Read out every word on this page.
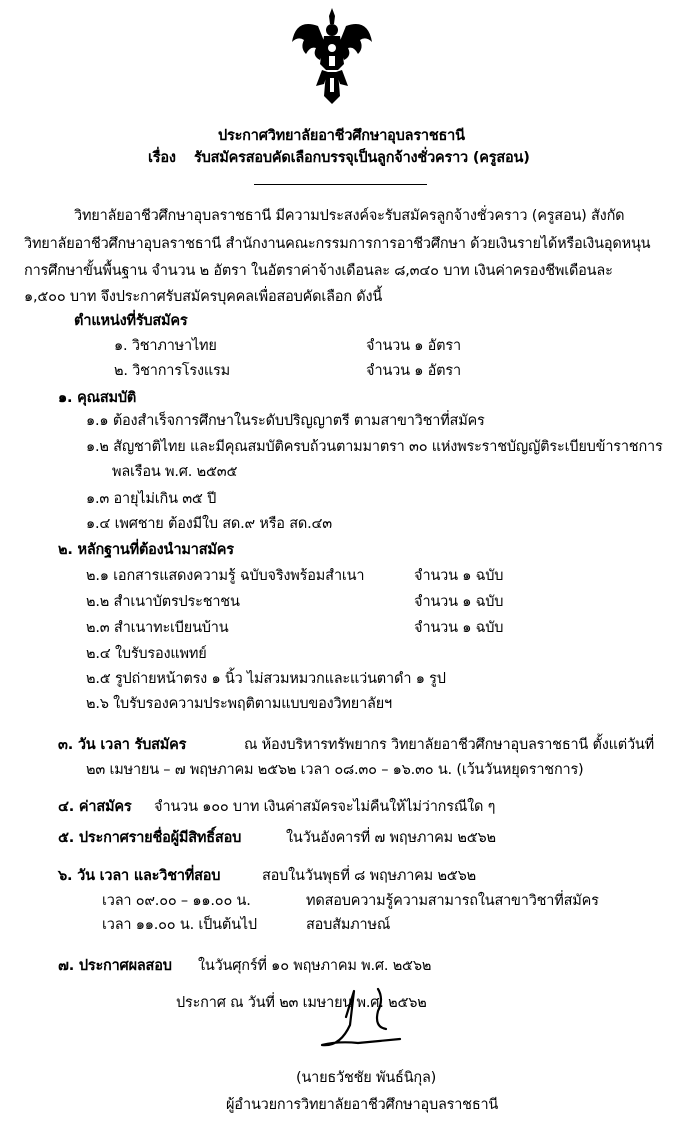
ประกาศวิทยาลัยอาชีวศึกษาอุบลราชธานี
เรื่อง รับสมัครสอบคัดเลือกบรรจุเป็นลูกจ้างชั่วคราว (ครูสอน)
วิทยาลัยอาชีวศึกษาอุบลราชธานี มีความประสงค์จะรับสมัครลูกจ้างชั่วคราว (ครูสอน) สังกัด
วิทยาลัยอาชีวศึกษาอุบลราชธานี สำนักงานคณะกรรมการการอาชีวศึกษา ด้วยเงินรายได้หรือเงินอุดหนุน
การศึกษาขั้นพื้นฐาน จำนวน ๒ อัตรา ในอัตราค่าจ้างเดือนละ ๘,๓๔๐ บาท เงินค่าครองชีพเดือนละ
๑,๕๐๐ บาท จึงประกาศรับสมัครบุคคลเพื่อสอบคัดเลือก ดังนี้
ตำแหน่งที่รับสมัคร
๑. วิชาภาษาไทย	จำนวน ๑ อัตรา
๒. วิชาการโรงแรม	จำนวน ๑ อัตรา
๑. คุณสมบัติ
๑.๑ ต้องสำเร็จการศึกษาในระดับปริญญาตรี ตามสาขาวิชาที่สมัคร
๑.๒ สัญชาติไทย และมีคุณสมบัติครบถ้วนตามมาตรา ๓๐ แห่งพระราชบัญญัติระเบียบข้าราชการ
พลเรือน พ.ศ. ๒๕๓๕
๑.๓ อายุไม่เกิน ๓๕ ปี
๑.๔ เพศชาย ต้องมีใบ สด.๙ หรือ สด.๔๓
๒. หลักฐานที่ต้องนำมาสมัคร
๒.๑ เอกสารแสดงความรู้ ฉบับจริงพร้อมสำเนา	จำนวน ๑ ฉบับ
๒.๒ สำเนาบัตรประชาชน	จำนวน ๑ ฉบับ
๒.๓ สำเนาทะเบียนบ้าน	จำนวน ๑ ฉบับ
๒.๔ ใบรับรองแพทย์
๒.๕ รูปถ่ายหน้าตรง ๑ นิ้ว ไม่สวมหมวกและแว่นตาดำ ๑ รูป
๒.๖ ใบรับรองความประพฤติตามแบบของวิทยาลัยฯ
๓. วัน เวลา รับสมัคร	ณ ห้องบริหารทรัพยากร วิทยาลัยอาชีวศึกษาอุบลราชธานี ตั้งแต่วันที่
๒๓ เมษายน – ๗ พฤษภาคม ๒๕๖๒ เวลา ๐๘.๓๐ – ๑๖.๓๐ น. (เว้นวันหยุดราชการ)
๔. ค่าสมัคร จำนวน ๑๐๐ บาท เงินค่าสมัครจะไม่คืนให้ไม่ว่ากรณีใด ๆ
๕. ประกาศรายชื่อผู้มีสิทธิ์สอบ	ในวันอังคารที่ ๗ พฤษภาคม ๒๕๖๒
๖. วัน เวลา และวิชาที่สอบ	สอบในวันพุธที่ ๘ พฤษภาคม ๒๕๖๒
เวลา ๐๙.๐๐ – ๑๑.๐๐ น.	ทดสอบความรู้ความสามารถในสาขาวิชาที่สมัคร
เวลา ๑๑.๐๐ น. เป็นต้นไป	สอบสัมภาษณ์
๗. ประกาศผลสอบ ในวันศุกร์ที่ ๑๐ พฤษภาคม พ.ศ. ๒๕๖๒
ประกาศ ณ วันที่ ๒๓ เมษายน พ.ศ. ๒๕๖๒
(นายธวัชชัย พันธ์นิกุล)
ผู้อำนวยการวิทยาลัยอาชีวศึกษาอุบลราชธานี
